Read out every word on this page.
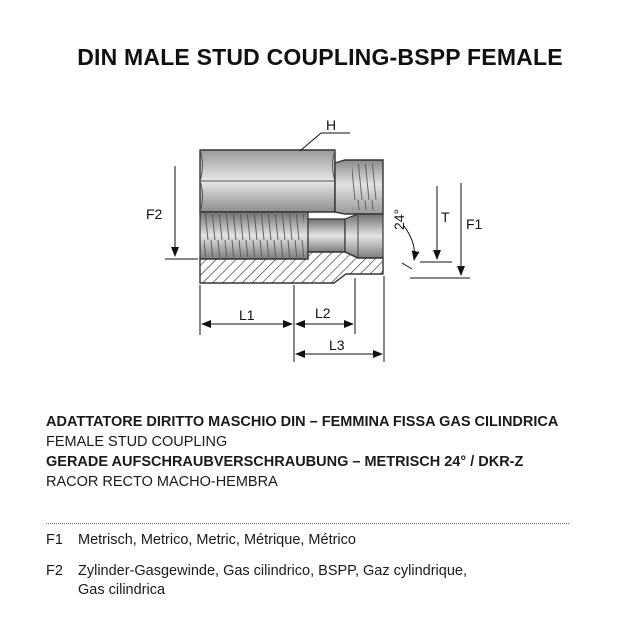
DIN MALE STUD COUPLING-BSPP FEMALE
H
F2	T F1
24°
L1	L2
L3
ADATTATORE DIRITTO MASCHIO DIN – FEMMINA FISSA GAS CILINDRICA
FEMALE STUD COUPLING
GERADE AUFSCHRAUBVERSCHRAUBUNG – METRISCH 24° / DKR-Z
RACOR RECTO MACHO-HEMBRA
F1	Metrisch, Metrico, Metric, Métrique, Métrico
F2	Zylinder-Gasgewinde, Gas cilindrico, BSPP, Gaz cylindrique,
Gas cilindrica
